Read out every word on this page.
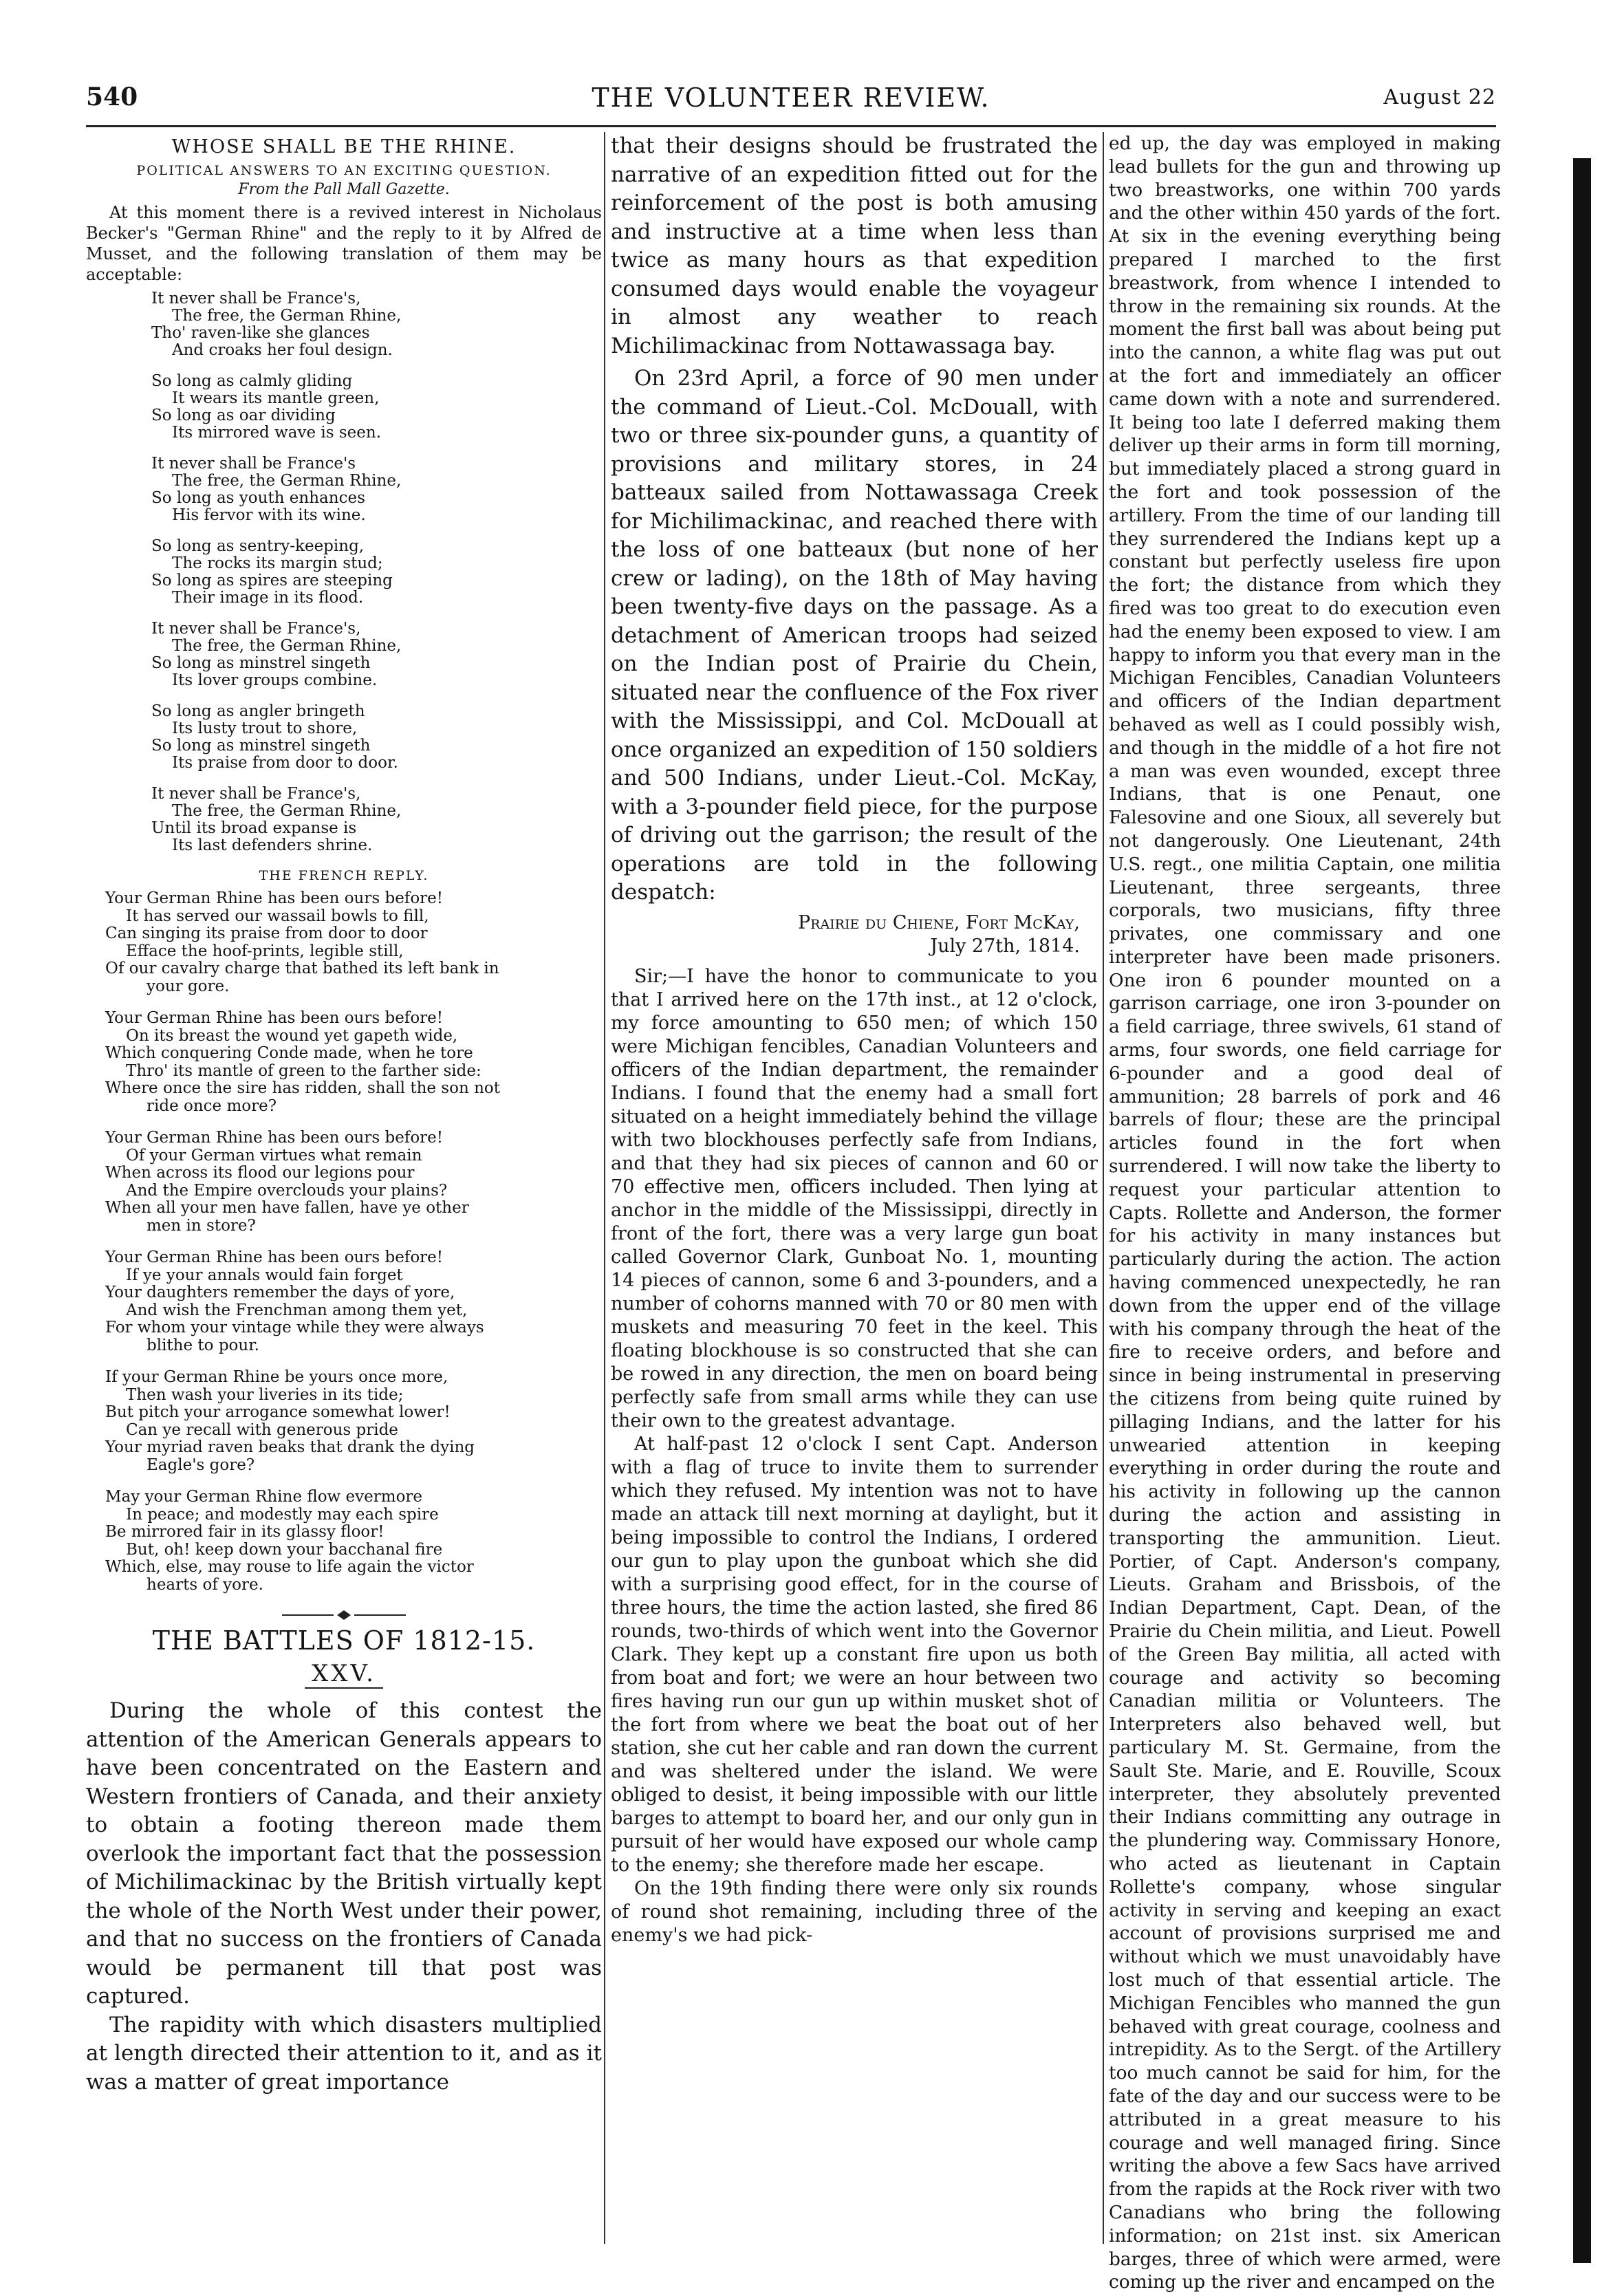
540	THE VOLUNTEER REVIEW.	August 22
WHOSE SHALL BE THE RHINE.
POLITICAL ANSWERS TO AN EXCITING QUESTION.
From the Pall Mall Gazette.

At this moment there is a revived interest in Nicholaus Becker's "German Rhine" and the reply to it by Alfred de Musset, and the following translation of them may be acceptable:

It never shall be France's,
The free, the German Rhine,
Tho' raven-like she glances
And croaks her foul design.
So long as calmly gliding
It wears its mantle green,
So long as oar dividing
Its mirrored wave is seen.
It never shall be France's
The free, the German Rhine,
So long as youth enhances
His fervor with its wine.
So long as sentry-keeping,
The rocks its margin stud;
So long as spires are steeping
Their image in its flood.
It never shall be France's,
The free, the German Rhine,
So long as minstrel singeth
Its lover groups combine.
So long as angler bringeth
Its lusty trout to shore,
So long as minstrel singeth
Its praise from door to door.
It never shall be France's,
The free, the German Rhine,
Until its broad expanse is
Its last defenders shrine.
THE FRENCH REPLY.
Your German Rhine has been ours before!
It has served our wassail bowls to fill,
Can singing its praise from door to door
Efface the hoof-prints, legible still,
Of our cavalry charge that bathed its left bank in
your gore.
Your German Rhine has been ours before!
On its breast the wound yet gapeth wide,
Which conquering Conde made, when he tore
Thro' its mantle of green to the farther side:
Where once the sire has ridden, shall the son not
ride once more?
Your German Rhine has been ours before!
Of your German virtues what remain
When across its flood our legions pour
And the Empire overclouds your plains?
When all your men have fallen, have ye other
men in store?
Your German Rhine has been ours before!
If ye your annals would fain forget
Your daughters remember the days of yore,
And wish the Frenchman among them yet,
For whom your vintage while they were always
blithe to pour.
If your German Rhine be yours once more,
Then wash your liveries in its tide;
But pitch your arrogance somewhat lower!
Can ye recall with generous pride
Your myriad raven beaks that drank the dying
Eagle's gore?
May your German Rhine flow evermore
In peace; and modestly may each spire
Be mirrored fair in its glassy floor!
But, oh! keep down your bacchanal fire
Which, else, may rouse to life again the victor
hearts of yore.
THE BATTLES OF 1812-15.
XXV.

During the whole of this contest the attention of the American Generals appears to have been concentrated on the Eastern and Western frontiers of Canada, and their anxiety to obtain a footing thereon made them overlook the important fact that the possession of Michilimackinac by the British virtually kept the whole of the North West under their power, and that no success on the frontiers of Canada would be permanent till that post was captured.

The rapidity with which disasters multiplied at length directed their attention to it, and as it was a matter of great importance

that their designs should be frustrated the narrative of an expedition fitted out for the reinforcement of the post is both amusing and instructive at a time when less than twice as many hours as that expedition consumed days would enable the voyageur in almost any weather to reach Michilimackinac from Nottawassaga bay.

On 23rd April, a force of 90 men under the command of Lieut.-Col. McDouall, with two or three six-pounder guns, a quantity of provisions and military stores, in 24 batteaux sailed from Nottawassaga Creek for Michilimackinac, and reached there with the loss of one batteaux (but none of her crew or lading), on the 18th of May having been twenty-five days on the passage. As a detachment of American troops had seized on the Indian post of Prairie du Chein, situated near the confluence of the Fox river with the Mississippi, and Col. McDouall at once organized an expedition of 150 soldiers and 500 Indians, under Lieut.-Col. McKay, with a 3-pounder field piece, for the purpose of driving out the garrison; the result of the operations are told in the following despatch:

Prairie du Chiene, Fort McKay,
July 27th, 1814.

Sir;—I have the honor to communicate to you that I arrived here on the 17th inst., at 12 o'clock, my force amounting to 650 men; of which 150 were Michigan fencibles, Canadian Volunteers and officers of the Indian department, the remainder Indians. I found that the enemy had a small fort situated on a height immediately behind the village with two blockhouses perfectly safe from Indians, and that they had six pieces of cannon and 60 or 70 effective men, officers included. Then lying at anchor in the middle of the Mississippi, directly in front of the fort, there was a very large gun boat called Governor Clark, Gunboat No. 1, mounting 14 pieces of cannon, some 6 and 3-pounders, and a number of cohorns manned with 70 or 80 men with muskets and measuring 70 feet in the keel. This floating blockhouse is so constructed that she can be rowed in any direction, the men on board being perfectly safe from small arms while they can use their own to the greatest advantage.

At half-past 12 o'clock I sent Capt. Anderson with a flag of truce to invite them to surrender which they refused. My intention was not to have made an attack till next morning at daylight, but it being impossible to control the Indians, I ordered our gun to play upon the gunboat which she did with a surprising good effect, for in the course of three hours, the time the action lasted, she fired 86 rounds, two-thirds of which went into the Governor Clark. They kept up a constant fire upon us both from boat and fort; we were an hour between two fires having run our gun up within musket shot of the fort from where we beat the boat out of her station, she cut her cable and ran down the current and was sheltered under the island. We were obliged to desist, it being impossible with our little barges to attempt to board her, and our only gun in pursuit of her would have exposed our whole camp to the enemy; she therefore made her escape.

On the 19th finding there were only six rounds of round shot remaining, including three of the enemy's we had pick-

ed up, the day was employed in making lead bullets for the gun and throwing up two breastworks, one within 700 yards and the other within 450 yards of the fort. At six in the evening everything being prepared I marched to the first breastwork, from whence I intended to throw in the remaining six rounds. At the moment the first ball was about being put into the cannon, a white flag was put out at the fort and immediately an officer came down with a note and surrendered. It being too late I deferred making them deliver up their arms in form till morning, but immediately placed a strong guard in the fort and took possession of the artillery. From the time of our landing till they surrendered the Indians kept up a constant but perfectly useless fire upon the fort; the distance from which they fired was too great to do execution even had the enemy been exposed to view. I am happy to inform you that every man in the Michigan Fencibles, Canadian Volunteers and officers of the Indian department behaved as well as I could possibly wish, and though in the middle of a hot fire not a man was even wounded, except three Indians, that is one Penaut, one Falesovine and one Sioux, all severely but not dangerously. One Lieutenant, 24th U.S. regt., one militia Captain, one militia Lieutenant, three sergeants, three corporals, two musicians, fifty three privates, one commissary and one interpreter have been made prisoners. One iron 6 pounder mounted on a garrison carriage, one iron 3-pounder on a field carriage, three swivels, 61 stand of arms, four swords, one field carriage for 6-pounder and a good deal of ammunition; 28 barrels of pork and 46 barrels of flour; these are the principal articles found in the fort when surrendered. I will now take the liberty to request your particular attention to Capts. Rollette and Anderson, the former for his activity in many instances but particularly during the action. The action having commenced unexpectedly, he ran down from the upper end of the village with his company through the heat of the fire to receive orders, and before and since in being instrumental in preserving the citizens from being quite ruined by pillaging Indians, and the latter for his unwearied attention in keeping everything in order during the route and his activity in following up the cannon during the action and assisting in transporting the ammunition. Lieut. Portier, of Capt. Anderson's company, Lieuts. Graham and Brissbois, of the Indian Department, Capt. Dean, of the Prairie du Chein militia, and Lieut. Powell of the Green Bay militia, all acted with courage and activity so becoming Canadian militia or Volunteers. The Interpreters also behaved well, but particulary M. St. Germaine, from the Sault Ste. Marie, and E. Rouville, Scoux interpreter, they absolutely prevented their Indians committing any outrage in the plundering way. Commissary Honore, who acted as lieutenant in Captain Rollette's company, whose singular activity in serving and keeping an exact account of provisions surprised me and without which we must unavoidably have lost much of that essential article. The Michigan Fencibles who manned the gun behaved with great courage, coolness and intrepidity. As to the Sergt. of the Artillery too much cannot be said for him, for the fate of the day and our success were to be attributed in a great measure to his courage and well managed firing. Since writing the above a few Sacs have arrived from the rapids at the Rock river with two Canadians who bring the following information; on 21st inst. six American barges, three of which were armed, were coming up the river and encamped on the
